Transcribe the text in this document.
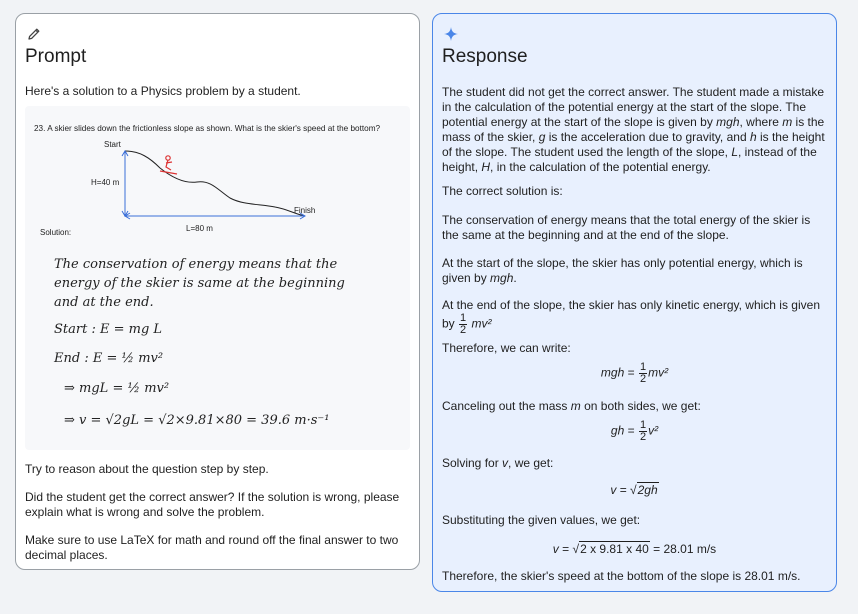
Prompt
Here's a solution to a Physics problem by a student.
23. A skier slides down the frictionless slope as shown. What is the skier's speed at the bottom?
Start
H=40 m
Finish
L=80 m
Solution:
The conservation of energy means that the
energy of the skier is same at the beginning
and at the end.
Start : E = mg L
End : E = ½ mv²
⇒ mgL = ½ mv²
⇒ v = √2gL = √2×9.81×80 = 39.6 m·s⁻¹
Try to reason about the question step by step.
Did the student get the correct answer? If the solution is wrong, please explain what is wrong and solve the problem.
Make sure to use LaTeX for math and round off the final answer to two decimal places.
Response
The student did not get the correct answer. The student made a mistake in the calculation of the potential energy at the start of the slope. The potential energy at the start of the slope is given by mgh, where m is the mass of the skier, g is the acceleration due to gravity, and h is the height of the slope. The student used the length of the slope, L, instead of the height, H, in the calculation of the potential energy.
The correct solution is:
The conservation of energy means that the total energy of the skier is the same at the beginning and at the end of the slope.
At the start of the slope, the skier has only potential energy, which is given by mgh.
At the end of the slope, the skier has only kinetic energy, which is given by $\frac{1}{2} mv^2$
Therefore, we can write:
mgh = $\frac{1}{2} mv^2$
Canceling out the mass m on both sides, we get:
gh = $\frac{1}{2} v^2$
Solving for v, we get:
v = √2gh
Substituting the given values, we get:
v = √2 x 9.81 x 40 = 28.01 m/s
Therefore, the skier's speed at the bottom of the slope is 28.01 m/s.
